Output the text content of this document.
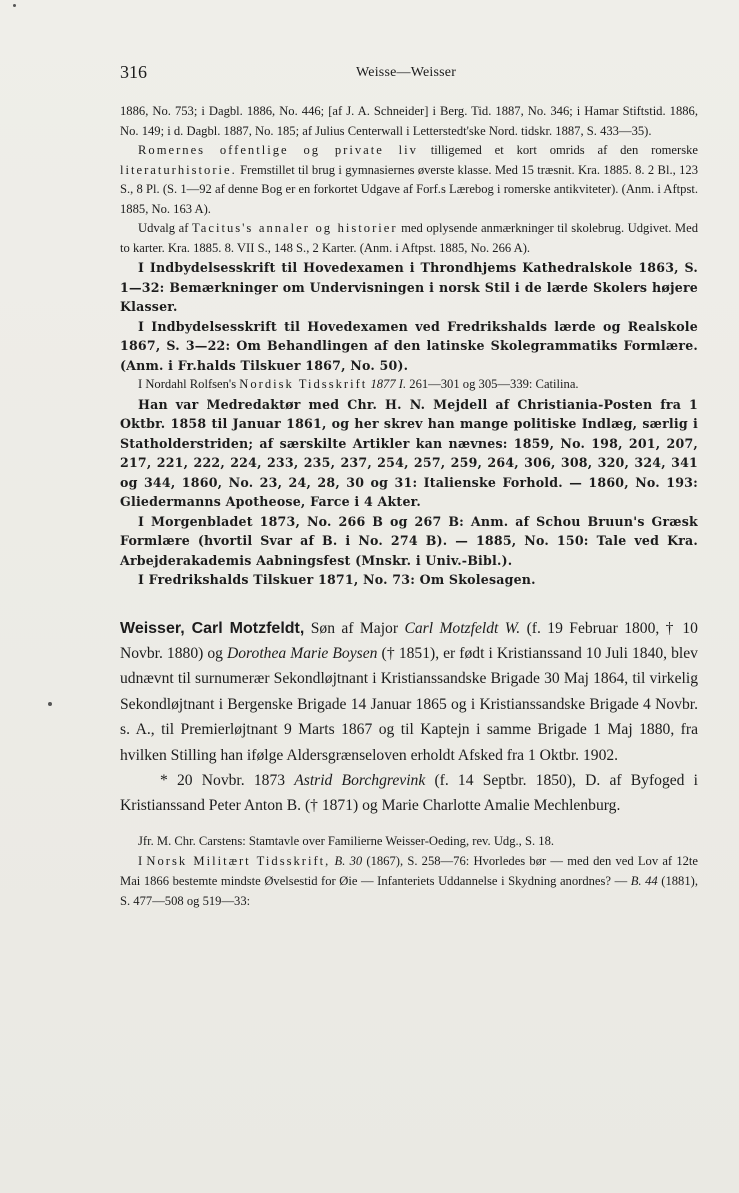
316	Weisse—Weisser

1886, No. 753; i Dagbl. 1886, No. 446; [af J. A. Schneider] i Berg. Tid. 1887, No. 346; i Hamar Stiftstid. 1886, No. 149; i d. Dagbl. 1887, No. 185; af Julius Centerwall i Letterstedt'ske Nord. tidskr. 1887, S. 433—35).

Romernes offentlige og private liv tilligemed et kort omrids af den romerske literaturhistorie. Fremstillet til brug i gymnasiernes øverste klasse. Med 15 træsnit. Kra. 1885. 8. 2 Bl., 123 S., 8 Pl. (S. 1—92 af denne Bog er en forkortet Udgave af Forf.s Lærebog i romerske antikviteter). (Anm. i Aftpst. 1885, No. 163 A).

Udvalg af Tacitus's annaler og historier med oplysende anmærkninger til skolebrug. Udgivet. Med to karter. Kra. 1885. 8. VII S., 148 S., 2 Karter. (Anm. i Aftpst. 1885, No. 266 A).

I Indbydelsesskrift til Hovedexamen i Throndhjems Kathedralskole 1863, S. 1—32: Bemærkninger om Undervisningen i norsk Stil i de lærde Skolers højere Klasser.

I Indbydelsesskrift til Hovedexamen ved Fredrikshalds lærde og Realskole 1867, S. 3—22: Om Behandlingen af den latinske Skolegrammatiks Formlære. (Anm. i Fr.halds Tilskuer 1867, No. 50).

I Nordahl Rolfsen's Nordisk Tidsskrift 1877 I. 261—301 og 305—339: Catilina.

Han var Medredaktør med Chr. H. N. Mejdell af Christiania-Posten fra 1 Oktbr. 1858 til Januar 1861, og her skrev han mange politiske Indlæg, særlig i Statholderstriden; af særskilte Artikler kan nævnes: 1859, No. 198, 201, 207, 217, 221, 222, 224, 233, 235, 237, 254, 257, 259, 264, 306, 308, 320, 324, 341 og 344, 1860, No. 23, 24, 28, 30 og 31: Italienske Forhold. — 1860, No. 193: Gliedermanns Apotheose, Farce i 4 Akter.

I Morgenbladet 1873, No. 266 B og 267 B: Anm. af Schou Bruun's Græsk Formlære (hvortil Svar af B. i No. 274 B). — 1885, No. 150: Tale ved Kra. Arbejderakademis Aabningsfest (Mnskr. i Univ.-Bibl.).

I Fredrikshalds Tilskuer 1871, No. 73: Om Skolesagen.

Weisser, Carl Motzfeldt, Søn af Major Carl Motzfeldt W. (f. 19 Februar 1800, † 10 Novbr. 1880) og Dorothea Marie Boysen († 1851), er født i Kristianssand 10 Juli 1840, blev udnævnt til surnumerær Sekondløjtnant i Kristianssandske Brigade 30 Maj 1864, til virkelig Sekondløjtnant i Bergenske Brigade 14 Januar 1865 og i Kristianssandske Brigade 4 Novbr. s. A., til Premierløjtnant 9 Marts 1867 og til Kaptejn i samme Brigade 1 Maj 1880, fra hvilken Stilling han ifølge Aldersgrænseloven erholdt Afsked fra 1 Oktbr. 1902.

* 20 Novbr. 1873 Astrid Borchgrevink (f. 14 Septbr. 1850), D. af Byfoged i Kristianssand Peter Anton B. († 1871) og Marie Charlotte Amalie Mechlenburg.

Jfr. M. Chr. Carstens: Stamtavle over Familierne Weisser-Oeding, rev. Udg., S. 18.

I Norsk Militært Tidsskrift, B. 30 (1867), S. 258—76: Hvorledes bør — med den ved Lov af 12te Mai 1866 bestemte mindste Øvelsestid for Øie — Infanteriets Uddannelse i Skydning anordnes? — B. 44 (1881), S. 477—508 og 519—33:
